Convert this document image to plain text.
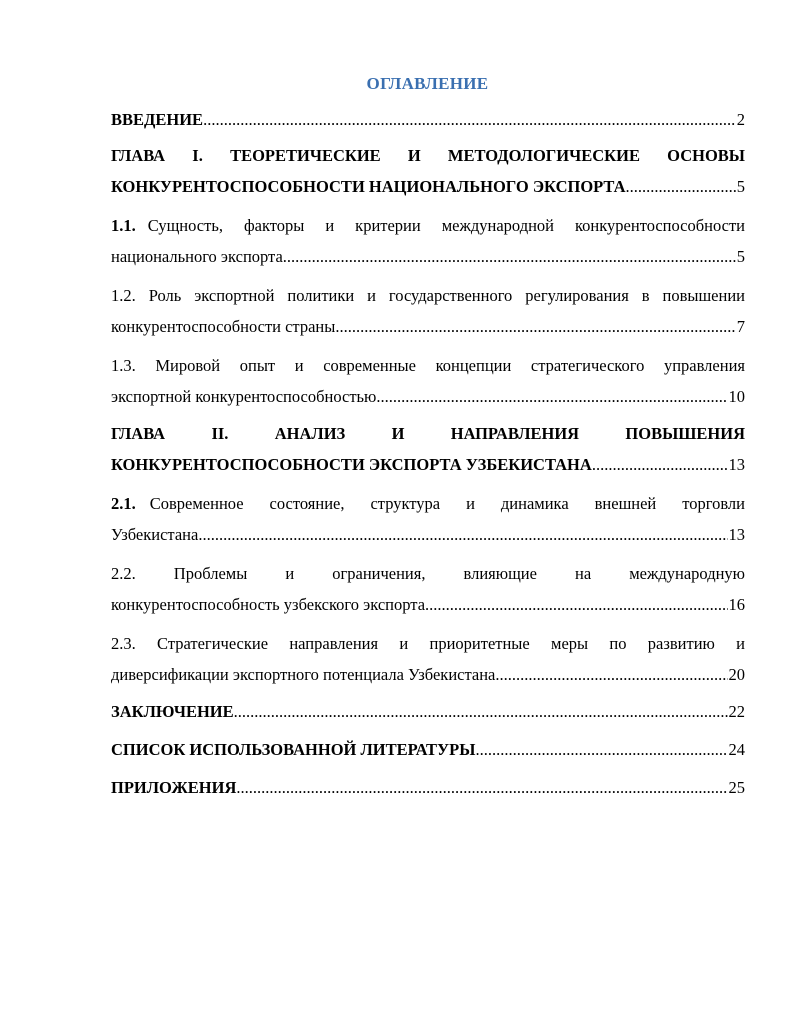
ОГЛАВЛЕНИЕ
ВВЕДЕНИЕ .....	2
ГЛАВА I. ТЕОРЕТИЧЕСКИЕ И МЕТОДОЛОГИЧЕСКИЕ ОСНОВЫ
КОНКУРЕНТОСПОСОБНОСТИ НАЦИОНАЛЬНОГО ЭКСПОРТА .....	5
1.1. Сущность, факторы и критерии международной конкурентоспособности
национального экспорта .....	5
1.2. Роль экспортной политики и государственного регулирования в повышении
конкурентоспособности страны .....	7
1.3. Мировой опыт и современные концепции стратегического управления
экспортной конкурентоспособностью .....	10
ГЛАВА II. АНАЛИЗ И НАПРАВЛЕНИЯ ПОВЫШЕНИЯ
КОНКУРЕНТОСПОСОБНОСТИ ЭКСПОРТА УЗБЕКИСТАНА .....	13
2.1. Современное состояние, структура и динамика внешней торговли
Узбекистана .....	13
2.2. Проблемы и ограничения, влияющие на международную
конкурентоспособность узбекского экспорта .....	16
2.3. Стратегические направления и приоритетные меры по развитию и
диверсификации экспортного потенциала Узбекистана .....	20
ЗАКЛЮЧЕНИЕ .....	22
СПИСОК ИСПОЛЬЗОВАННОЙ ЛИТЕРАТУРЫ .....	24
ПРИЛОЖЕНИЯ .....	25
